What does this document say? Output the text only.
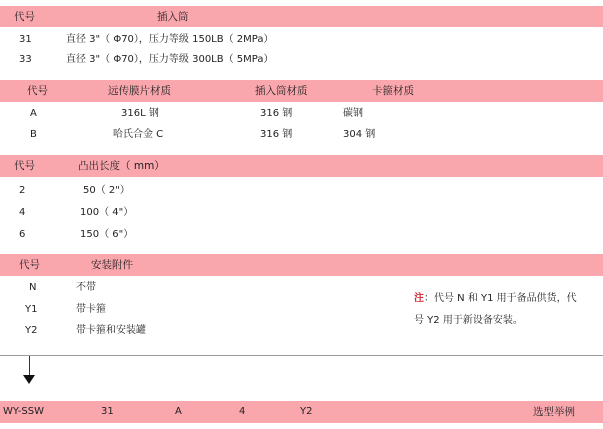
代号	插入筒
31	直径 3"（ Φ70），压力等级 150LB（ 2MPa）
33	直径 3"（ Φ70），压力等级 300LB（ 5MPa）
代号	远传膜片材质	插入筒材质	卡箍材质
A	316L 钢	316 钢	碳钢
B	哈氏合金 C	316 钢	304 钢
代号	凸出长度（ mm）
2	50（ 2"）
4	100（ 4"）
6	150（ 6"）
代号	安装附件
N	不带
Y1	带卡箍
Y2	带卡箍和安装罐
注：代号 N 和 Y1 用于备品供货，代
号 Y2 用于新设备安装。
WY-SSW	31	A	4	Y2	选型举例
